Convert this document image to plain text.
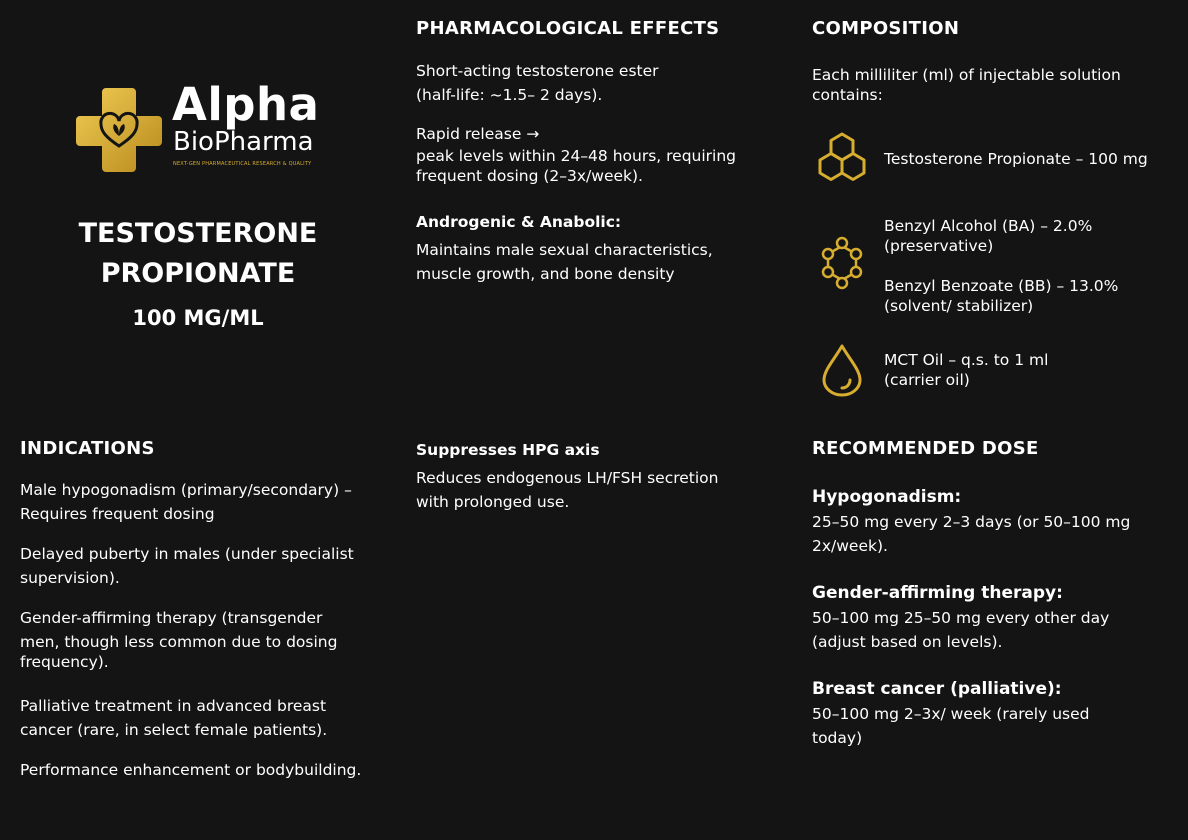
Alpha
BioPharma
NEXT-GEN PHARMACEUTICAL RESEARCH & QUALITY
TESTOSTERONE
PROPIONATE
100 MG/ML
PHARMACOLOGICAL EFFECTS
Short-acting testosterone ester
(half-life: ~1.5– 2 days).
Rapid release →
peak levels within 24–48 hours, requiring
frequent dosing (2–3x/week).
Androgenic & Anabolic:
Maintains male sexual characteristics,
muscle growth, and bone density
Suppresses HPG axis
Reduces endogenous LH/FSH secretion
with prolonged use.
COMPOSITION
Each milliliter (ml) of injectable solution
contains:
Testosterone Propionate – 100 mg
Benzyl Alcohol (BA) – 2.0%
(preservative)
Benzyl Benzoate (BB) – 13.0%
(solvent/ stabilizer)
MCT Oil – q.s. to 1 ml
(carrier oil)
INDICATIONS
Male hypogonadism (primary/secondary) –
Requires frequent dosing
Delayed puberty in males (under specialist
supervision).
Gender-affirming therapy (transgender
men, though less common due to dosing
frequency).
Palliative treatment in advanced breast
cancer (rare, in select female patients).
Performance enhancement or bodybuilding.
RECOMMENDED DOSE
Hypogonadism:
25–50 mg every 2–3 days (or 50–100 mg
2x/week).
Gender-affirming therapy:
50–100 mg 25–50 mg every other day
(adjust based on levels).
Breast cancer (palliative):
50–100 mg 2–3x/ week (rarely used
today)
